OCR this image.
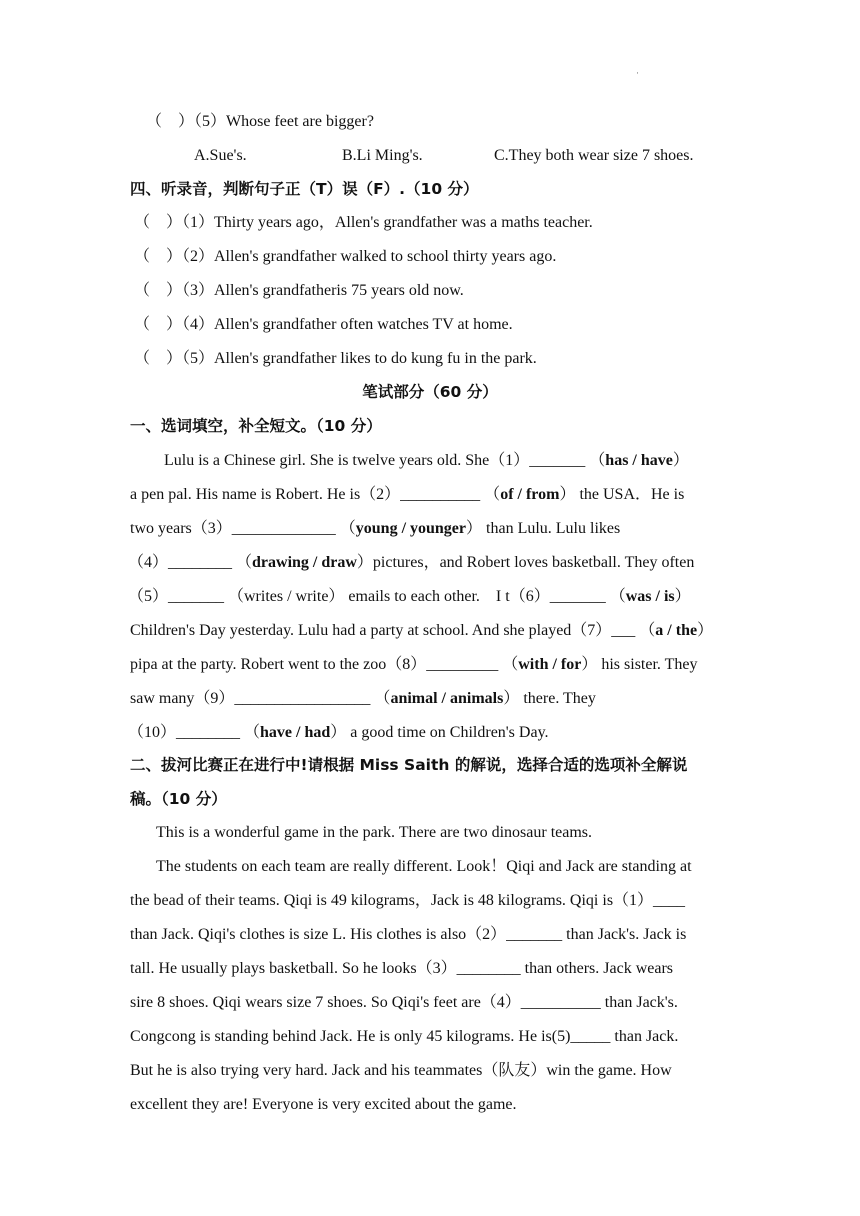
·
（　）（5）Whose feet are bigger?
A.Sue's.	B.Li Ming's.	C.They both wear size 7 shoes.
四、听录音，判断句子正（T）误（F）.（10 分）
（　）（1）Thirty years ago，Allen's grandfather was a maths teacher.
（　）（2）Allen's grandfather walked to school thirty years ago.
（　）（3）Allen's grandfatheris 75 years old now.
（　）（4）Allen's grandfather often watches TV at home.
（　）（5）Allen's grandfather likes to do kung fu in the park.
笔试部分（60 分）
一、选词填空，补全短文。（10 分）
Lulu is a Chinese girl. She is twelve years old. She（1）_______ （has / have）
a pen pal. His name is Robert. He is（2）__________ （of / from） the USA．He is
two years（3）_____________ （young / younger） than Lulu. Lulu likes
（4）________ （drawing / draw）pictures，and Robert loves basketball. They often
（5）_______ （writes / write） emails to each other.　I t（6）_______ （was / is）
Children's Day yesterday. Lulu had a party at school. And she played（7）___ （a / the）
pipa at the party. Robert went to the zoo（8）_________ （with / for） his sister. They
saw many（9）_________________ （animal / animals） there. They
（10）________ （have / had） a good time on Children's Day.
二、拔河比赛正在进行中!请根据 Miss Saith 的解说，选择合适的选项补全解说
稿。（10 分）
This is a wonderful game in the park. There are two dinosaur teams.
The students on each team are really different. Look！Qiqi and Jack are standing at
the bead of their teams. Qiqi is 49 kilograms，Jack is 48 kilograms. Qiqi is（1）____
than Jack. Qiqi's clothes is size L. His clothes is also（2）_______ than Jack's. Jack is
tall. He usually plays basketball. So he looks（3）________ than others. Jack wears
sire 8 shoes. Qiqi wears size 7 shoes. So Qiqi's feet are（4）__________ than Jack's.
Congcong is standing behind Jack. He is only 45 kilograms. He is(5)_____ than Jack.
But he is also trying very hard. Jack and his teammates（队友）win the game. How
excellent they are! Everyone is very excited about the game.
